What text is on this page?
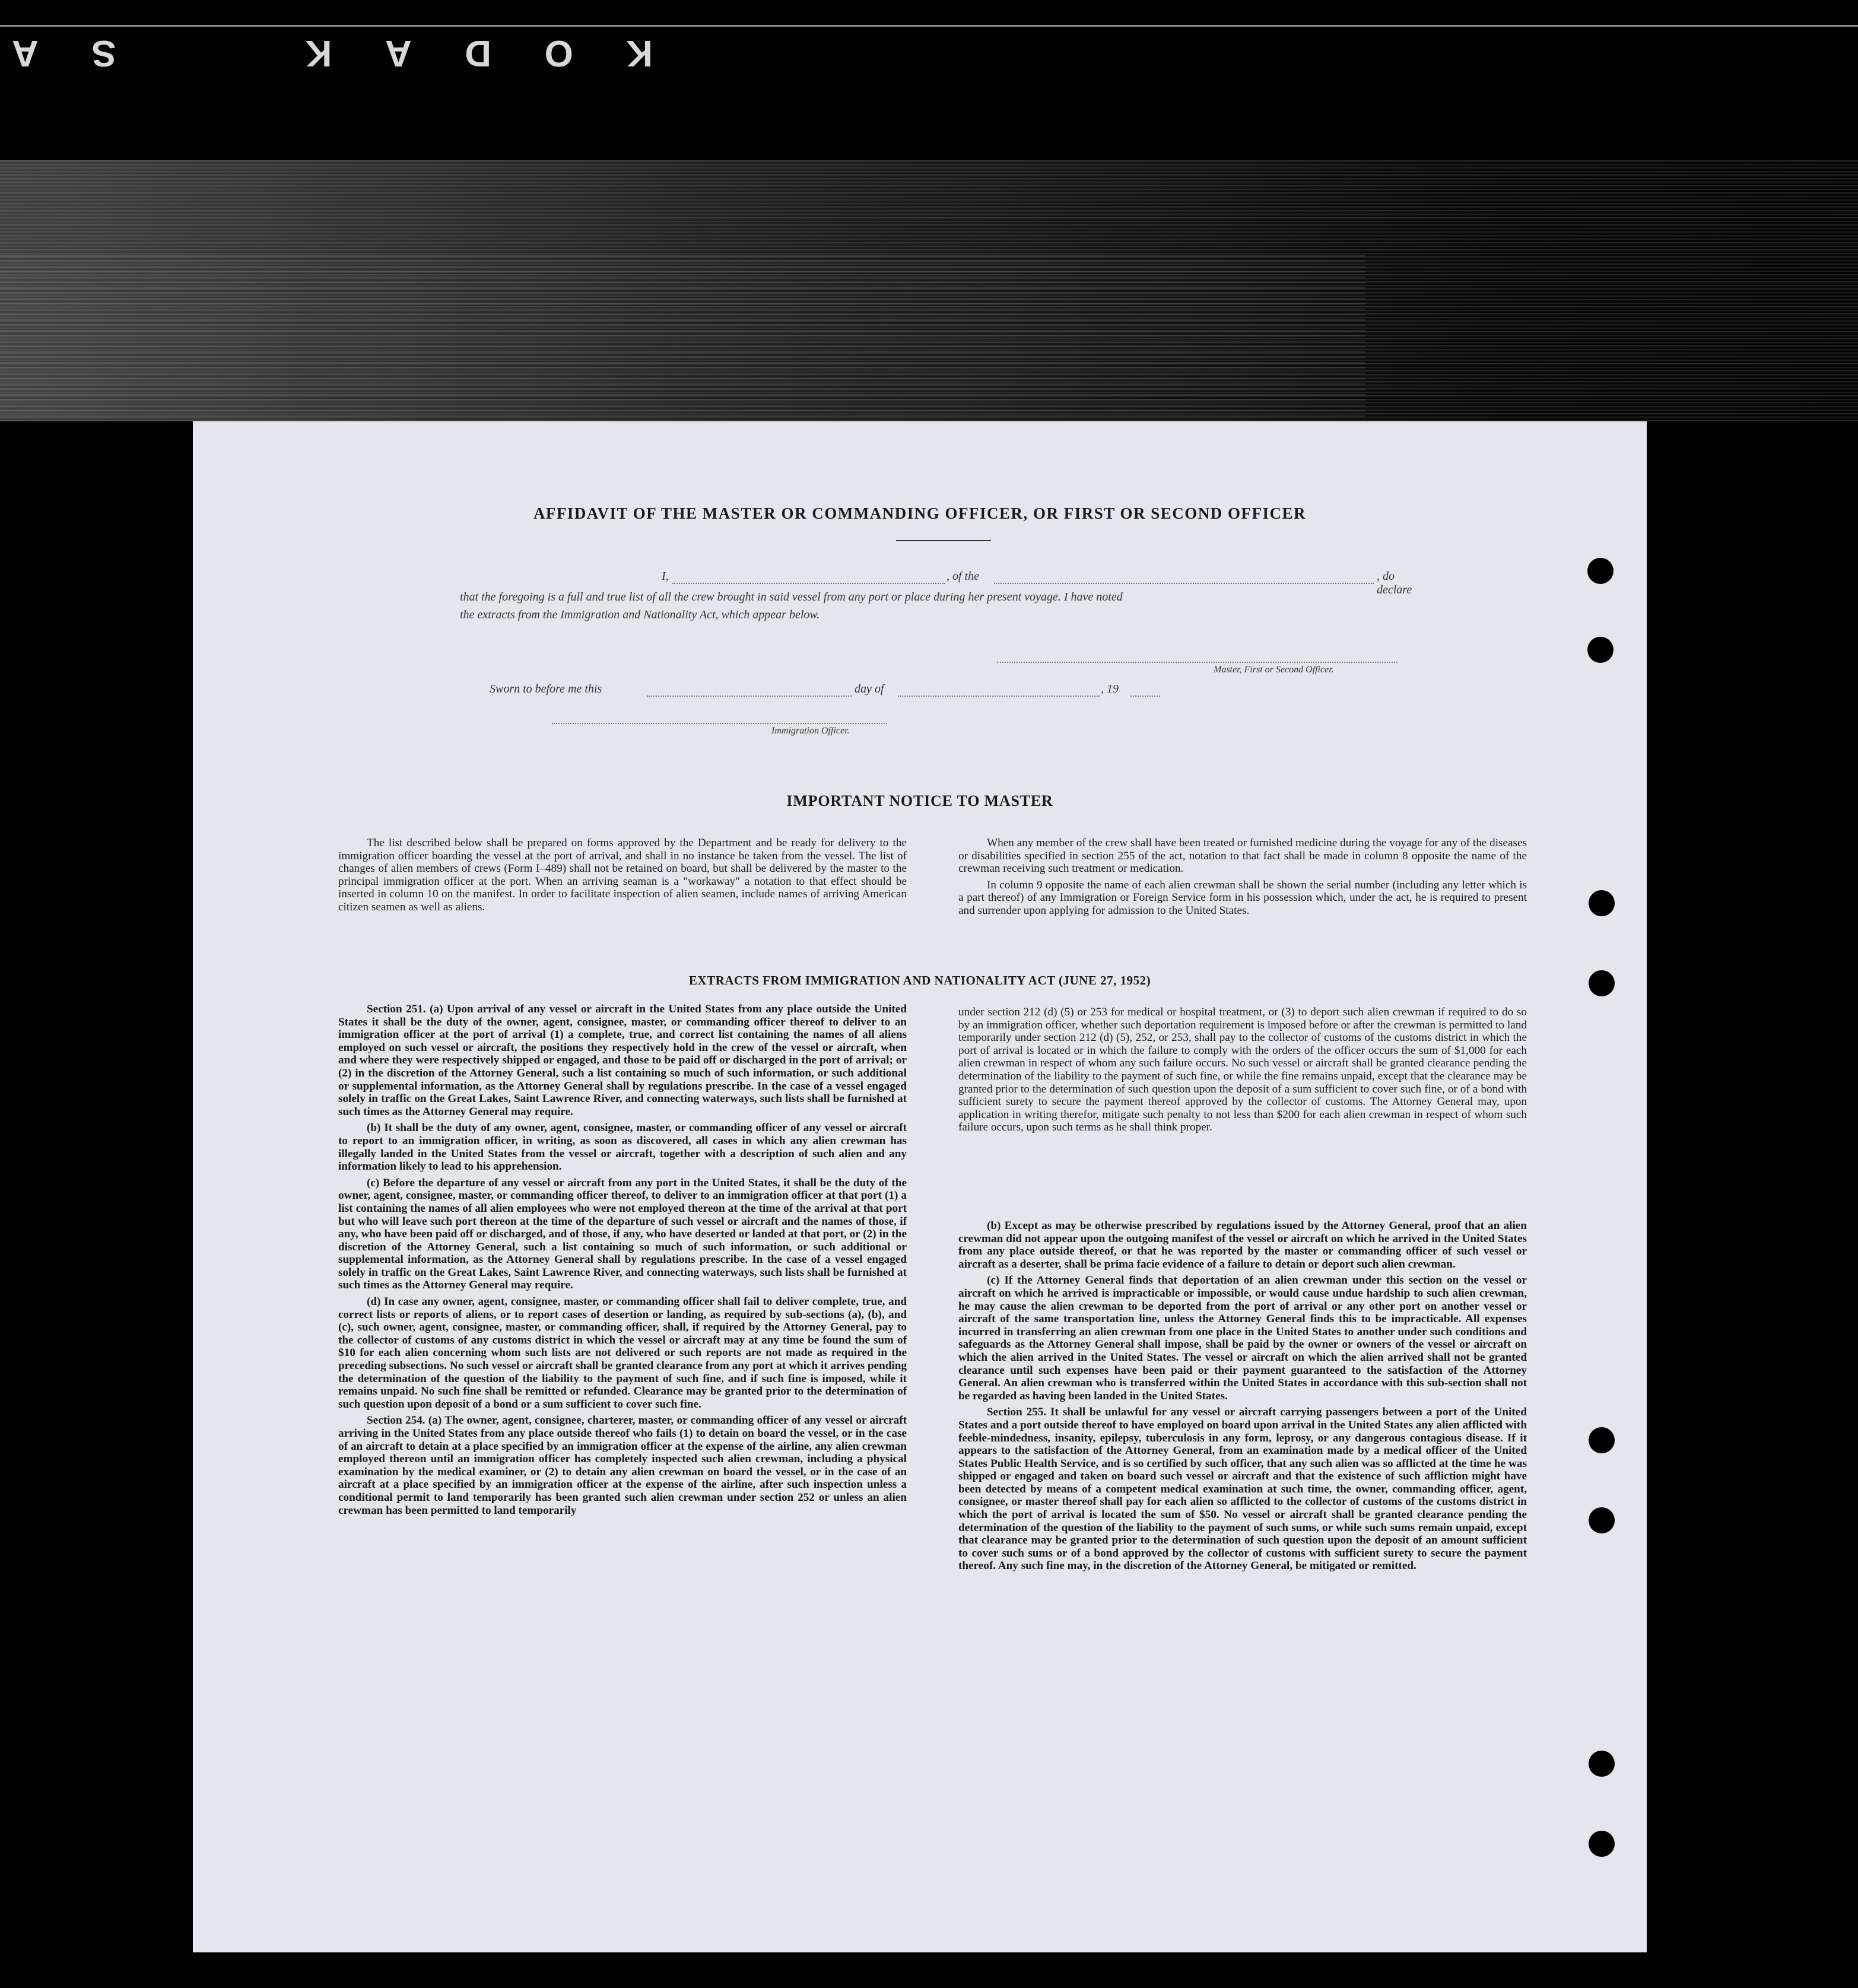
K
O
D
A
K
S
A
AFFIDAVIT OF THE MASTER OR COMMANDING OFFICER, OR FIRST OR SECOND OFFICER
I,	, of the	, do declare
that the foregoing is a full and true list of all the crew brought in said vessel from any port or place during her present voyage. I have noted
the extracts from the Immigration and Nationality Act, which appear below.
Master, First or Second Officer.
Sworn to before me this	day of	, 19
Immigration Officer.
IMPORTANT NOTICE TO MASTER

The list described below shall be prepared on forms approved by the Department and be ready for delivery to the immigration officer boarding the vessel at the port of arrival, and shall in no instance be taken from the vessel. The list of changes of alien members of crews (Form I–489) shall not be retained on board, but shall be delivered by the master to the principal immigration officer at the port. When an arriving seaman is a "workaway" a notation to that effect should be inserted in column 10 on the manifest. In order to facilitate inspection of alien seamen, include names of arriving American citizen seamen as well as aliens.

When any member of the crew shall have been treated or furnished medicine during the voyage for any of the diseases or disabilities specified in section 255 of the act, notation to that fact shall be made in column 8 opposite the name of the crewman receiving such treatment or medication.

In column 9 opposite the name of each alien crewman shall be shown the serial number (including any letter which is a part thereof) of any Immigration or Foreign Service form in his possession which, under the act, he is required to present and surrender upon applying for admission to the United States.

EXTRACTS FROM IMMIGRATION AND NATIONALITY ACT (JUNE 27, 1952)

Section 251. (a) Upon arrival of any vessel or aircraft in the United States from any place outside the United States it shall be the duty of the owner, agent, consignee, master, or commanding officer thereof to deliver to an immigration officer at the port of arrival (1) a complete, true, and correct list containing the names of all aliens employed on such vessel or aircraft, the positions they respectively hold in the crew of the vessel or aircraft, when and where they were respectively shipped or engaged, and those to be paid off or discharged in the port of arrival; or (2) in the discretion of the Attorney General, such a list containing so much of such information, or such additional or supplemental information, as the Attorney General shall by regulations prescribe. In the case of a vessel engaged solely in traffic on the Great Lakes, Saint Lawrence River, and connecting waterways, such lists shall be furnished at such times as the Attorney General may require.

(b) It shall be the duty of any owner, agent, consignee, master, or commanding officer of any vessel or aircraft to report to an immigration officer, in writing, as soon as discovered, all cases in which any alien crewman has illegally landed in the United States from the vessel or aircraft, together with a description of such alien and any information likely to lead to his apprehension.

(c) Before the departure of any vessel or aircraft from any port in the United States, it shall be the duty of the owner, agent, consignee, master, or commanding officer thereof, to deliver to an immigration officer at that port (1) a list containing the names of all alien employees who were not employed thereon at the time of the arrival at that port but who will leave such port thereon at the time of the departure of such vessel or aircraft and the names of those, if any, who have been paid off or discharged, and of those, if any, who have deserted or landed at that port, or (2) in the discretion of the Attorney General, such a list containing so much of such information, or such additional or supplemental information, as the Attorney General shall by regulations prescribe. In the case of a vessel engaged solely in traffic on the Great Lakes, Saint Lawrence River, and connecting waterways, such lists shall be furnished at such times as the Attorney General may require.

(d) In case any owner, agent, consignee, master, or commanding officer shall fail to deliver complete, true, and correct lists or reports of aliens, or to report cases of desertion or landing, as required by sub-sections (a), (b), and (c), such owner, agent, consignee, master, or commanding officer, shall, if required by the Attorney General, pay to the collector of customs of any customs district in which the vessel or aircraft may at any time be found the sum of $10 for each alien concerning whom such lists are not delivered or such reports are not made as required in the preceding subsections. No such vessel or aircraft shall be granted clearance from any port at which it arrives pending the determination of the question of the liability to the payment of such fine, and if such fine is imposed, while it remains unpaid. No such fine shall be remitted or refunded. Clearance may be granted prior to the determination of such question upon deposit of a bond or a sum sufficient to cover such fine.

Section 254. (a) The owner, agent, consignee, charterer, master, or commanding officer of any vessel or aircraft arriving in the United States from any place outside thereof who fails (1) to detain on board the vessel, or in the case of an aircraft to detain at a place specified by an immigration officer at the expense of the airline, any alien crewman employed thereon until an immigration officer has completely inspected such alien crewman, including a physical examination by the medical examiner, or (2) to detain any alien crewman on board the vessel, or in the case of an aircraft at a place specified by an immigration officer at the expense of the airline, after such inspection unless a conditional permit to land temporarily has been granted such alien crewman under section 252 or unless an alien crewman has been permitted to land temporarily

under section 212 (d) (5) or 253 for medical or hospital treatment, or (3) to deport such alien crewman if required to do so by an immigration officer, whether such deportation requirement is imposed before or after the crewman is permitted to land temporarily under section 212 (d) (5), 252, or 253, shall pay to the collector of customs of the customs district in which the port of arrival is located or in which the failure to comply with the orders of the officer occurs the sum of $1,000 for each alien crewman in respect of whom any such failure occurs. No such vessel or aircraft shall be granted clearance pending the determination of the liability to the payment of such fine, or while the fine remains unpaid, except that the clearance may be granted prior to the determination of such question upon the deposit of a sum sufficient to cover such fine, or of a bond with sufficient surety to secure the payment thereof approved by the collector of customs. The Attorney General may, upon application in writing therefor, mitigate such penalty to not less than $200 for each alien crewman in respect of whom such failure occurs, upon such terms as he shall think proper.

(b) Except as may be otherwise prescribed by regulations issued by the Attorney General, proof that an alien crewman did not appear upon the outgoing manifest of the vessel or aircraft on which he arrived in the United States from any place outside thereof, or that he was reported by the master or commanding officer of such vessel or aircraft as a deserter, shall be prima facie evidence of a failure to detain or deport such alien crewman.

(c) If the Attorney General finds that deportation of an alien crewman under this section on the vessel or aircraft on which he arrived is impracticable or impossible, or would cause undue hardship to such alien crewman, he may cause the alien crewman to be deported from the port of arrival or any other port on another vessel or aircraft of the same transportation line, unless the Attorney General finds this to be impracticable. All expenses incurred in transferring an alien crewman from one place in the United States to another under such conditions and safeguards as the Attorney General shall impose, shall be paid by the owner or owners of the vessel or aircraft on which the alien arrived in the United States. The vessel or aircraft on which the alien arrived shall not be granted clearance until such expenses have been paid or their payment guaranteed to the satisfaction of the Attorney General. An alien crewman who is transferred within the United States in accordance with this sub-section shall not be regarded as having been landed in the United States.

Section 255. It shall be unlawful for any vessel or aircraft carrying passengers between a port of the United States and a port outside thereof to have employed on board upon arrival in the United States any alien afflicted with feeble-mindedness, insanity, epilepsy, tuberculosis in any form, leprosy, or any dangerous contagious disease. If it appears to the satisfaction of the Attorney General, from an examination made by a medical officer of the United States Public Health Service, and is so certified by such officer, that any such alien was so afflicted at the time he was shipped or engaged and taken on board such vessel or aircraft and that the existence of such affliction might have been detected by means of a competent medical examination at such time, the owner, commanding officer, agent, consignee, or master thereof shall pay for each alien so afflicted to the collector of customs of the customs district in which the port of arrival is located the sum of $50. No vessel or aircraft shall be granted clearance pending the determination of the question of the liability to the payment of such sums, or while such sums remain unpaid, except that clearance may be granted prior to the determination of such question upon the deposit of an amount sufficient to cover such sums or of a bond approved by the collector of customs with sufficient surety to secure the payment thereof. Any such fine may, in the discretion of the Attorney General, be mitigated or remitted.
